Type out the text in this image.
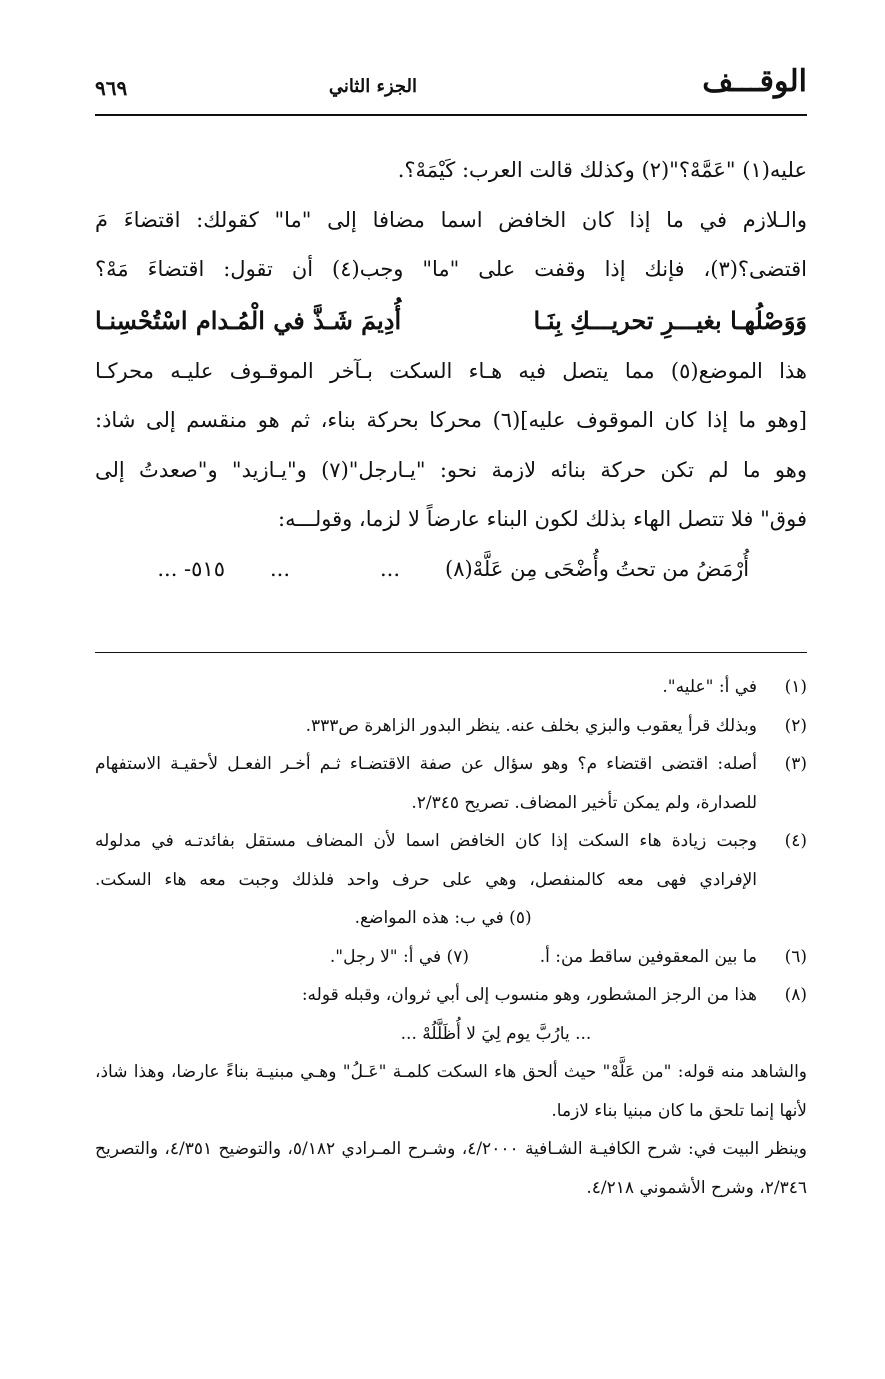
الوقـــف
الجزء الثاني
٩٦٩
عليه(١) "عَمَّهْ؟"(٢) وكذلك قالت العرب: كَيْمَهْ؟.
والـلازم في ما إذا كان الخافض اسما مضافا إلى "ما" كقولك: اقتضاءَ مَ
اقتضى؟(٣)، فإنك إذا وقفت على "ما" وجب(٤) أن تقول: اقتضاءَ مَهْ؟
وَوَصْلُهـا بغيـــرِ تحريـــكِ بِنَـا
أُدِيمَ شَـذَّ في الْمُـدام اسْتُحْسِنـا
هذا الموضع(٥) مما يتصل فيه هـاء السكت بـآخر الموقـوف عليـه محركـا
[وهو ما إذا كان الموقوف عليه](٦) محركا بحركة بناء، ثم هو منقسم إلى شاذ:
وهو ما لم تكن حركة بنائه لازمة نحو: "يـارجل"(٧) و"يـازيد" و"صعدتُ إلى
فوق" فلا تتصل الهاء بذلك لكون البناء عارضاً لا لزما، وقولـــه:
أُرْمَضُ من تحتُ وأُضْحَى مِن عَلَّهْ(٨)
...
...
٥١٥- ...
(١)
في أ: "عليه".
(٢)
وبذلك قرأ يعقوب والبزي بخلف عنه. ينظر البدور الزاهرة ص٣٣٣.
(٣)
أصله: اقتضى اقتضاء م؟ وهو سؤال عن صفة الاقتضـاء ثـم أخـر الفعـل لأحقيـة الاستفهام للصدارة، ولم يمكن تأخير المضاف. تصريح ٢/٣٤٥.
(٤)
وجبت زيادة هاء السكت إذا كان الخافض اسما لأن المضاف مستقل بفائدتـه في مدلوله الإفرادي فهى معه كالمنفصل، وهي على حرف واحد فلذلك وجبت معه هاء السكت.  (٥) في ب: هذه المواضع.
(٦)
ما بين المعقوفين ساقط من: أ.  (٧) في أ: "لا رجل".
(٨)
هذا من الرجز المشطور، وهو منسوب إلى أبي ثروان، وقبله قوله:
... يارُبَّ يوم لِيَ لا أُظَلَّلُهْ ...
والشاهد منه قوله: "من عَلَّهْ" حيث ألحق هاء السكت كلمـة "عَـلُ" وهـي مبنيـة بناءً عارضا، وهذا شاذ، لأنها إنما تلحق ما كان مبنيا بناء لازما.
وينظر البيت في: شرح الكافيـة الشـافية ٤/٢٠٠٠، وشـرح المـرادي ٥/١٨٢، والتوضيح ٤/٣٥١، والتصريح ٢/٣٤٦، وشرح الأشموني ٤/٢١٨.
